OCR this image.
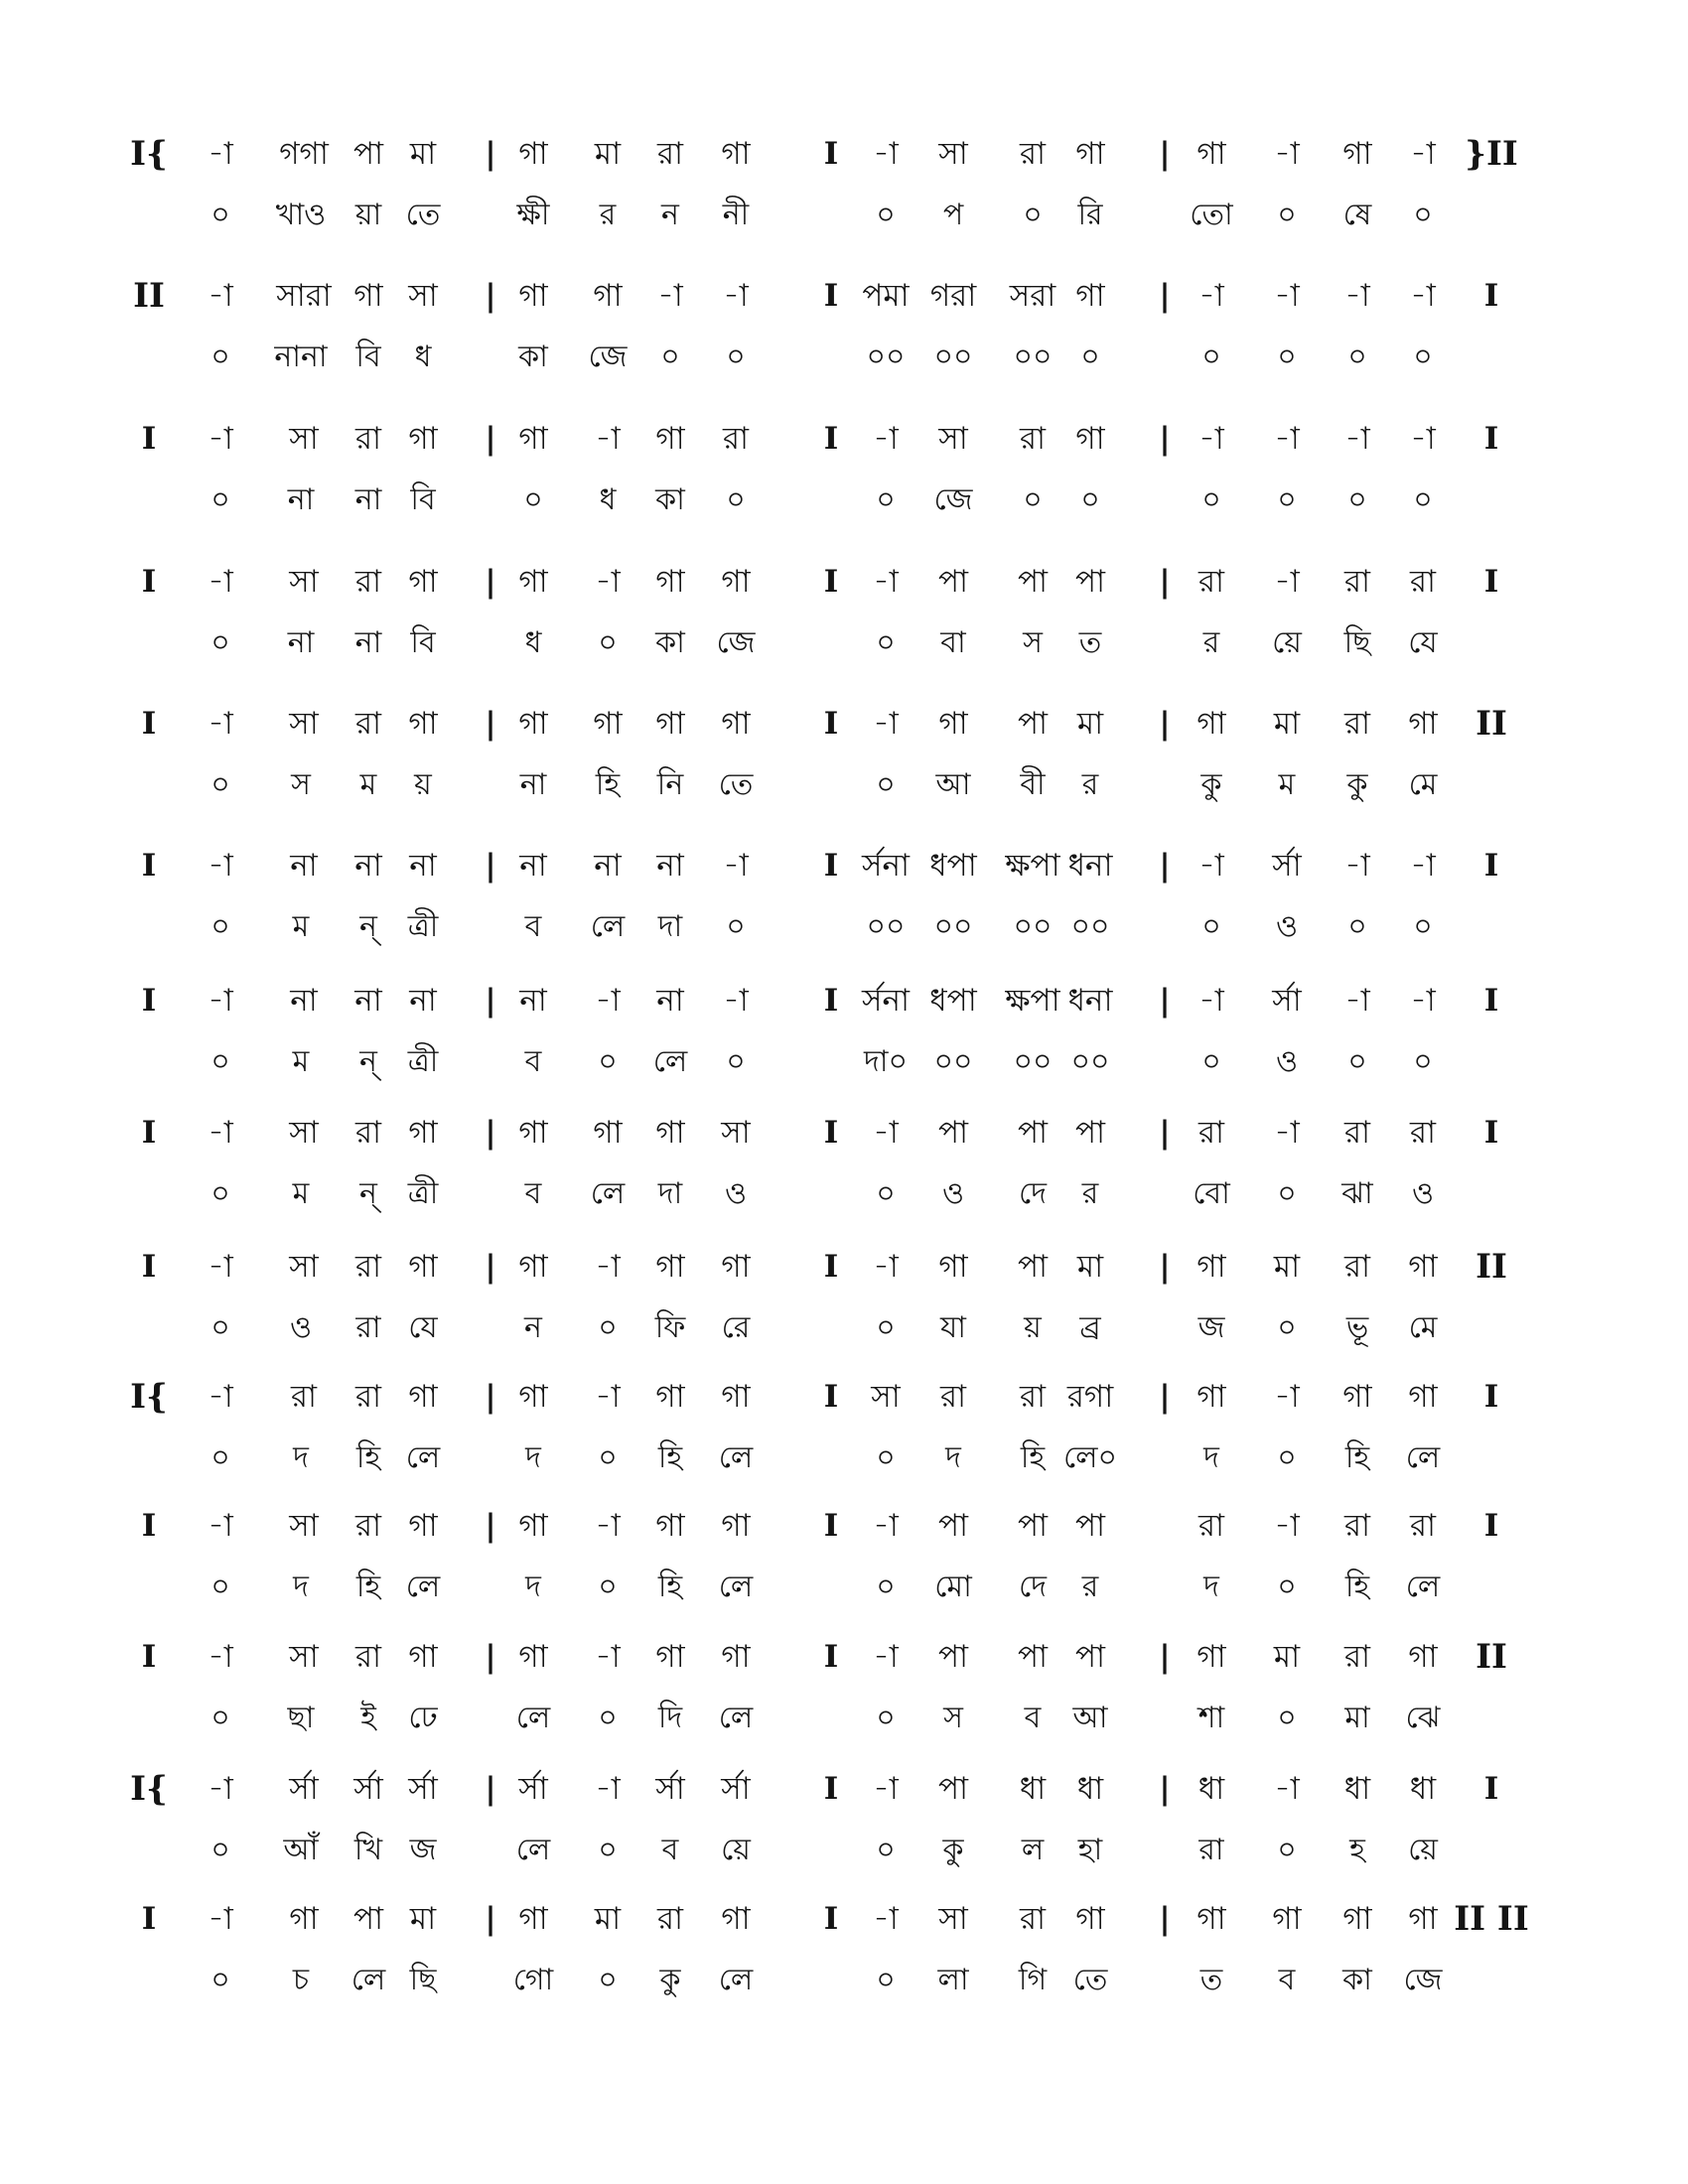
I{ -া গগা পা মা | গা মা রা গা I -া সা রা গা | গা -া গা -া }II
০ খাও য়া তে	ক্ষী র ন নী	০ প ০ রি	তো ০ ষে ০
II -া সারা গা সা | গা গা -া -া I পমা গরা সরা গা | -া -া -া -া I
০ নানা বি ধ	কা জে ০ ০	০০ ০০ ০০ ০	০ ০ ০ ০
I -া সা রা গা | গা -া গা রা I -া সা রা গা | -া -া -া -া I
০ না না বি	০ ধ কা ০	০ জে ০ ০	০ ০ ০ ০
I -া সা রা গা | গা -া গা গা I -া পা পা পা | রা -া রা রা I
০ না না বি	ধ ০ কা জে	০ বা স ত	র য়ে ছি যে
I -া সা রা গা | গা গা গা গা I -া গা পা মা | গা মা রা গা II
০ স ম য়	না হি নি তে	০ আ বী র	কু ম কু মে
I -া না না না | না না না -া I র্সনা ধপা ক্ষপা ধনা | -া র্সা -া -া I
০ ম ন্ ত্রী	ব লে দা ০	০০ ০০ ০০ ০০	০ ও ০ ০
I -া না না না | না -া না -া I র্সনা ধপা ক্ষপা ধনা | -া র্সা -া -া I
০ ম ন্ ত্রী	ব ০ লে ০	দা০ ০০ ০০ ০০	০ ও ০ ০
I -া সা রা গা | গা গা গা সা I -া পা পা পা | রা -া রা রা I
০ ম ন্ ত্রী	ব লে দা ও	০ ও দে র	বো ০ ঝা ও
I -া সা রা গা | গা -া গা গা I -া গা পা মা | গা মা রা গা II
০ ও রা যে	ন ০ ফি রে	০ যা য় ব্র	জ ০ ভূ মে
I{ -া রা রা গা | গা -া গা গা I সা রা রা রগা | গা -া গা গা I
০ দ হি লে	দ ০ হি লে	০ দ হি লে০	দ ০ হি লে
I -া সা রা গা | গা -া গা গা I -া পা পা পা	রা -া রা রা I
০ দ হি লে	দ ০ হি লে	০ মো দে র	দ ০ হি লে
I -া সা রা গা | গা -া গা গা I -া পা পা পা | গা মা রা গা II
০ ছা ই ঢে	লে ০ দি লে	০ স ব আ	শা ০ মা ঝে
I{ -া র্সা র্সা র্সা | র্সা -া র্সা র্সা I -া পা ধা ধা | ধা -া ধা ধা I
০ আঁ খি জ	লে ০ ব য়ে	০ কু ল হা	রা ০ হ য়ে
I -া গা পা মা | গা মা রা গা I -া সা রা গা | গা গা গা গা II II
০ চ লে ছি	গো ০ কু লে	০ লা গি তে	ত ব কা জে
